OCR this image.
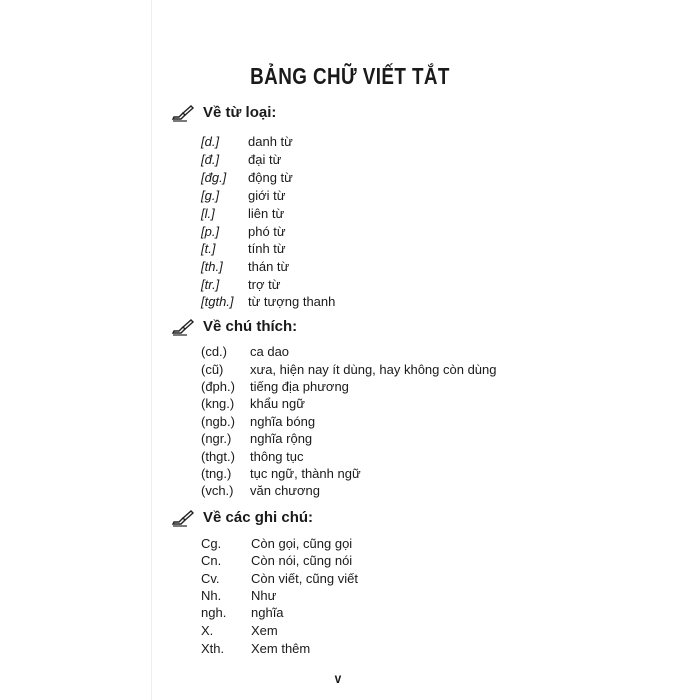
BẢNG CHỮ VIẾT TẮT
Về từ loại:
[d.] danh từ
[đ.] đại từ
[đg.] động từ
[g.] giới từ
[l.]	liên từ
[p.] phó từ
[t.]	tính từ
[th.] thán từ
[tr.] trợ từ
[tgth.] từ tượng thanh
Về chú thích:
(cd.) ca dao
(cũ) xưa, hiện nay ít dùng, hay không còn dùng
(đph.) tiếng địa phương
(kng.) khẩu ngữ
(ngb.) nghĩa bóng
(ngr.) nghĩa rộng
(thgt.) thông tục
(tng.) tục ngữ, thành ngữ
(vch.) văn chương
Về các ghi chú:
Cg. Còn gọi, cũng gọi
Cn. Còn nói, cũng nói
Cv. Còn viết, cũng viết
Nh. Như
ngh. nghĩa
X.	Xem
Xth. Xem thêm
v
